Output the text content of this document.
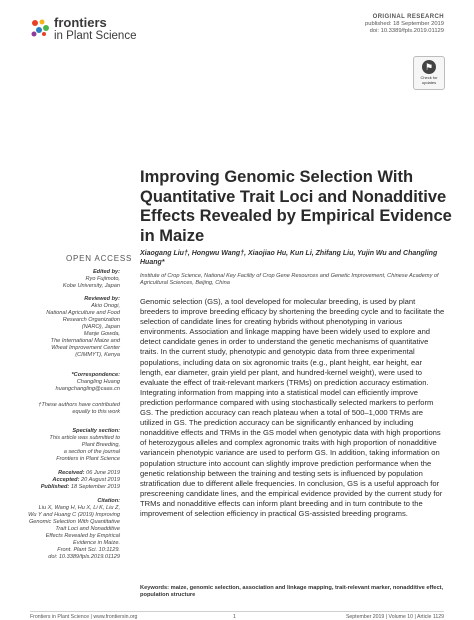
frontiers
in Plant Science
ORIGINAL RESEARCH
published: 18 September 2019
doi: 10.3389/fpls.2019.01129
⚑
Check for updates
Improving Genomic Selection With Quantitative Trait Loci and Nonadditive Effects Revealed by Empirical Evidence in Maize
Xiaogang Liu†, Hongwu Wang†, Xiaojiao Hu, Kun Li, Zhifang Liu, Yujin Wu and Changling Huang*
Institute of Crop Science, National Key Facility of Crop Gene Resources and Genetic Improvement, Chinese Academy of Agricultural Sciences, Beijing, China
OPEN ACCESS
Edited by:
Ryo Fujimoto,
Kobe University, Japan
Reviewed by:
Akio Onogi,
National Agriculture and Food
Research Organization
(NARO), Japan
Manje Gowda,
The International Maize and
Wheat Improvement Center
(CIMMYT), Kenya
*Correspondence:
Changling Huang
huangchangling@caas.cn
†These authors have contributed
equally to this work
Specialty section:
This article was submitted to
Plant Breeding,
a section of the journal
Frontiers in Plant Science
Received: 06 June 2019
Accepted: 20 August 2019
Published: 18 September 2019
Citation:
Liu X, Wang H, Hu X, Li K, Liu Z,
Wu Y and Huang C (2019) Improving
Genomic Selection With Quantitative
Trait Loci and Nonadditive
Effects Revealed by Empirical
Evidence in Maize.
Front. Plant Sci. 10:1129.
doi: 10.3389/fpls.2019.01129
Genomic selection (GS), a tool developed for molecular breeding, is used by plant breeders to improve breeding efficacy by shortening the breeding cycle and to facilitate the selection of candidate lines for creating hybrids without phenotyping in various environments. Association and linkage mapping have been widely used to explore and detect candidate genes in order to understand the genetic mechanisms of quantitative traits. In the current study, phenotypic and genotypic data from three experimental populations, including data on six agronomic traits (e.g., plant height, ear height, ear length, ear diameter, grain yield per plant, and hundred-kernel weight), were used to evaluate the effect of trait-relevant markers (TRMs) on prediction accuracy estimation. Integrating information from mapping into a statistical model can efficiently improve prediction performance compared with using stochastically selected markers to perform GS. The prediction accuracy can reach plateau when a total of 500–1,000 TRMs are utilized in GS. The prediction accuracy can be significantly enhanced by including nonadditive effects and TRMs in the GS model when genotypic data with high proportions of heterozygous alleles and complex agronomic traits with high proportion of nonadditive variancein phenotypic variance are used to perform GS. In addition, taking information on population structure into account can slightly improve prediction performance when the genetic relationship between the training and testing sets is influenced by population stratification due to different allele frequencies. In conclusion, GS is a useful approach for prescreening candidate lines, and the empirical evidence provided by the current study for TRMs and nonadditive effects can inform plant breeding and in turn contribute to the improvement of selection efficiency in practical GS-assisted breeding programs.
Keywords: maize, genomic selection, association and linkage mapping, trait-relevant marker, nonadditive effect, population structure
Frontiers in Plant Science | www.frontiersin.org	1	September 2019 | Volume 10 | Article 1129
